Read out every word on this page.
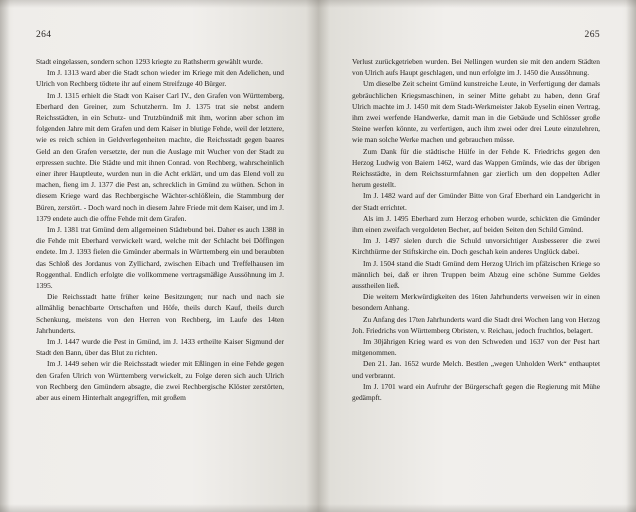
264

Stadt eingelassen, sondern schon 1293 kriegte zu Rathsherrn gewählt wurde.

Im J. 1313 ward aber die Stadt schon wieder im Kriege mit den Adelichen, und Ulrich von Rechberg tödtete ihr auf einem Streifzuge 40 Bürger.

Im J. 1315 erhielt die Stadt von Kaiser Carl IV., den Grafen von Württemberg, Eberhard den Greiner, zum Schutzherrn. Im J. 1375 trat sie nebst andern Reichsstädten, in ein Schutz- und Trutzbündniß mit ihm, worinn aber schon im folgenden Jahre mit dem Grafen und dem Kaiser in blutige Fehde, weil der letztere, wie es reich schien in Geldverlegenheiten machte, die Reichsstadt gegen baares Geld an den Grafen versetzte, der nun die Auslage mit Wucher von der Stadt zu erpressen suchte. Die Städte und mit ihnen Conrad. von Rechberg, wahrscheinlich einer ihrer Hauptleute, wurden nun in die Acht erklärt, und um das Elend voll zu machen, fieng im J. 1377 die Pest an, schrecklich in Gmünd zu wüthen. Schon in diesem Kriege ward das Rechbergische Wächter-schlößlein, die Stammburg der Büren, zerstört. - Doch ward noch in diesem Jahre Friede mit dem Kaiser, und im J. 1379 endete auch die offne Fehde mit dem Grafen.

Im J. 1381 trat Gmünd dem allgemeinen Städtebund bei. Daher es auch 1388 in die Fehde mit Eberhard verwickelt ward, welche mit der Schlacht bei Döffingen endete. Im J. 1393 fielen die Gmünder abermals in Württemberg ein und beraubten das Schloß des Jordanus von Zyllichard, zwischen Eibach und Treffelhausen im Roggenthal. Endlich erfolgte die vollkommene vertragsmäßige Aussöhnung im J. 1395.

Die Reichsstadt hatte früher keine Besitzungen; nur nach und nach sie allmählig benachbarte Ortschaften und Höfe, theils durch Kauf, theils durch Schenkung, meistens von den Herren von Rechberg, im Laufe des 14ten Jahrhunderts.

Im J. 1447 wurde die Pest in Gmünd, im J. 1433 ertheilte Kaiser Sigmund der Stadt den Bann, über das Blut zu richten.

Im J. 1449 sehen wir die Reichsstadt wieder mit Eßlingen in eine Fehde gegen den Grafen Ulrich von Württemberg verwickelt, zu Folge deren sich auch Ulrich von Rechberg den Gmündern absagte, die zwei Rechbergische Klöster zerstörten, aber aus einem Hinterhalt angegriffen, mit großem

265

Verlust zurückgetrieben wurden. Bei Nellingen wurden sie mit den andern Städten von Ulrich aufs Haupt geschlagen, und nun erfolgte im J. 1450 die Aussöhnung.

Um dieselbe Zeit scheint Gmünd kunstreiche Leute, in Verfertigung der damals gebräuchlichen Kriegsmaschinen, in seiner Mitte gehabt zu haben, denn Graf Ulrich machte im J. 1450 mit dem Stadt-Werkmeister Jakob Eyselin einen Vertrag, ihm zwei werfende Handwerke, damit man in die Gebäude und Schlösser große Steine werfen könnte, zu verfertigen, auch ihm zwei oder drei Leute einzulehren, wie man solche Werke machen und gebrauchen müsse.

Zum Dank für die städtische Hülfe in der Fehde K. Friedrichs gegen den Herzog Ludwig von Baiern 1462, ward das Wappen Gmünds, wie das der übrigen Reichsstädte, in dem Reichssturmfahnen gar zierlich um den doppelten Adler herum gestellt.

Im J. 1482 ward auf der Gmünder Bitte von Graf Eberhard ein Landgericht in der Stadt errichtet.

Als im J. 1495 Eberhard zum Herzog erhoben wurde, schickten die Gmünder ihm einen zweifach vergoldeten Becher, auf beiden Seiten den Schild Gmünd.

Im J. 1497 sielen durch die Schuld unvorsichtiger Ausbesserer die zwei Kirchthürme der Stiftskirche ein. Doch geschah kein anderes Unglück dabei.

Im J. 1504 stand die Stadt Gmünd dem Herzog Ulrich im pfälzischen Kriege so männlich bei, daß er ihren Truppen beim Abzug eine schöne Summe Geldes ausstheilen ließ.

Die weitern Merkwürdigkeiten des 16ten Jahrhunderts verweisen wir in einen besondern Anhang.

Zu Anfang des 17ten Jahrhunderts ward die Stadt drei Wochen lang von Herzog Joh. Friedrichs von Württemberg Obristen, v. Reichau, jedoch fruchtlos, belagert.

Im 30jährigen Krieg ward es von den Schweden und 1637 von der Pest hart mitgenommen.

Den 21. Jan. 1652 wurde Melch. Bestlen „wegen Unholden Werk“ enthauptet und verbrannt.

Im J. 1701 ward ein Aufruhr der Bürgerschaft gegen die Regierung mit Mühe gedämpft.
